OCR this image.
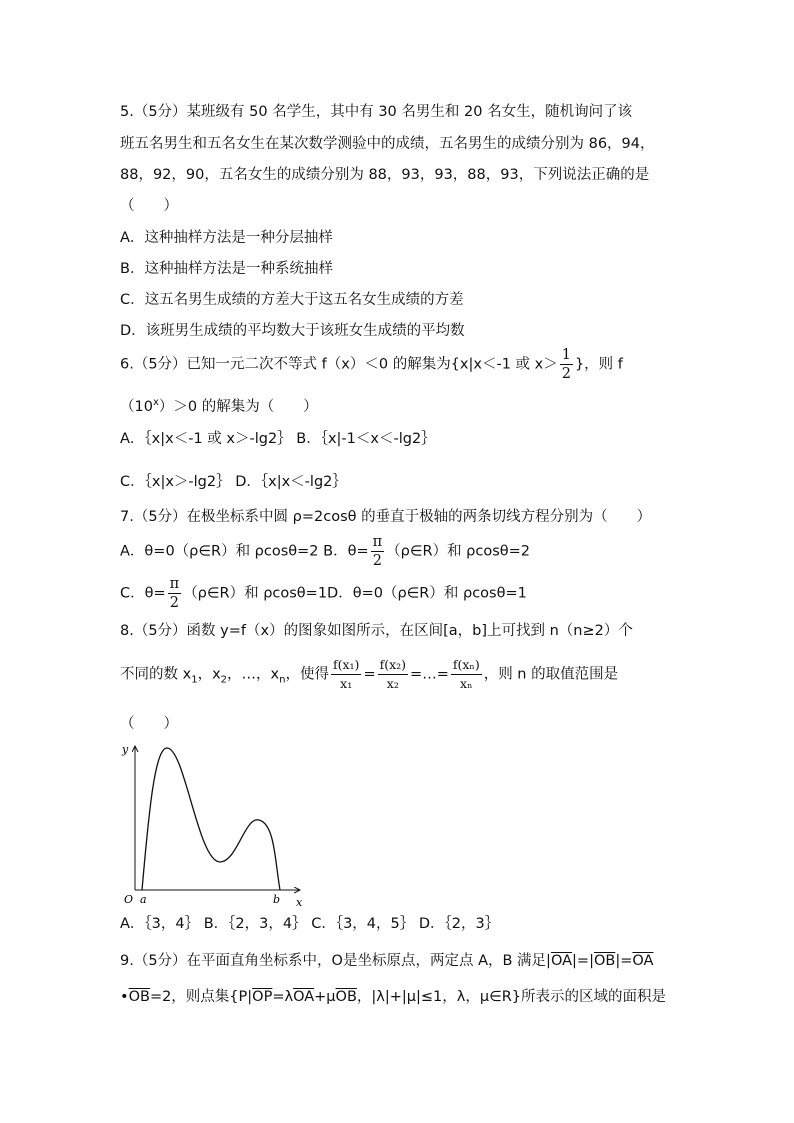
5.（5分）某班级有 50 名学生，其中有 30 名男生和 20 名女生，随机询问了该
班五名男生和五名女生在某次数学测验中的成绩，五名男生的成绩分别为 86，94，
88，92，90，五名女生的成绩分别为 88，93，93，88，93，下列说法正确的是
（　　）
A．这种抽样方法是一种分层抽样
B．这种抽样方法是一种系统抽样
C．这五名男生成绩的方差大于这五名女生成绩的方差
D．该班男生成绩的平均数大于该班女生成绩的平均数
6.（5分）已知一元二次不等式 f（x）＜0 的解集为{x|x＜-1 或 $x> \frac{1}{2}$ }，则 f
$(10^x)>0$ 的解集为（　　）
A．｛x|x＜-1 或 x＞-lg2｝ B．｛x|-1＜x＜-lg2｝
C．｛x|x＞-lg2｝ D．｛x|x＜-lg2｝
7.（5分）在极坐标系中圆 ρ=2cosθ 的垂直于极轴的两条切线方程分别为（　　）
A．θ=0（ρ∈R）和 ρcosθ=2 B．$\theta= \frac{\pi}{2}$ （ρ∈R）和 ρcosθ=2
C．$\theta= \frac{\pi}{2}$ （ρ∈R）和 ρcosθ=1D．θ=0（ρ∈R）和 ρcosθ=1
8.（5分）函数 y=f（x）的图象如图所示，在区间[a，b]上可找到 n（n≥2）个
不同的数 $x_1$，$x_2$，…，$x_n$，使得 $\frac{\text{f(x₁)}}{\text{x₁}} = \frac{\text{f(x₂)}}{\text{x₂}}$ =…= $\frac{\text{f(xₙ)}}{\text{xₙ}}$ ，则 n 的取值范围是
（　　）
y
x
O a	b
A．｛3，4｝ B．｛2，3，4｝ C．｛3，4，5｝ D．｛2，3｝
9.（5分）在平面直角坐标系中，O是坐标原点，两定点 A，B 满足$|\overline{OA}|=|\overline{OB}|=\overline{OA}$
$•\overline{OB}=2$，则点集{$P|\overline{OP}=\lambda\overline{OA}+\mu\overline{OB}$，|λ|+|μ|≤1，λ，μ∈R}所表示的区域的面积是
